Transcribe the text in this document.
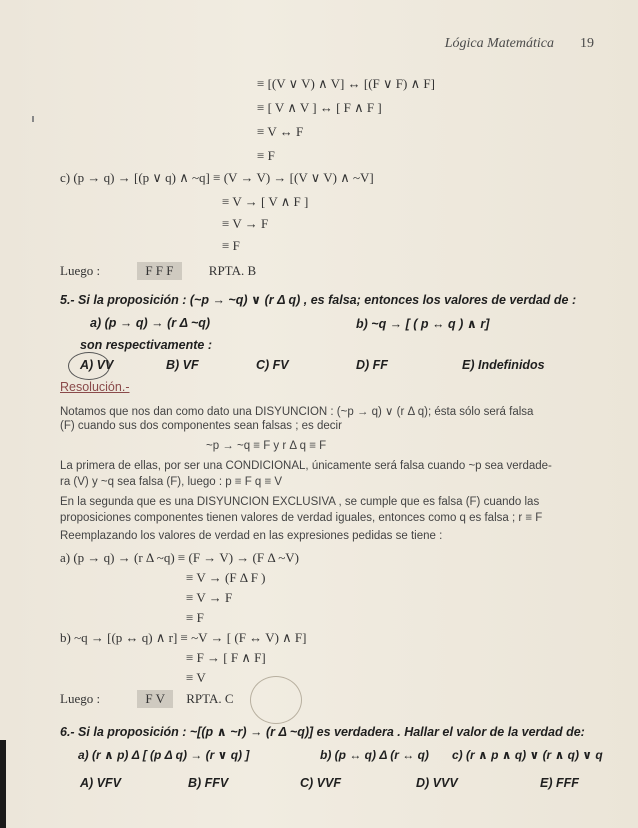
Lógica Matemática 19
≡ [(V ∨ V) ∧ V] ↔ [(F ∨ F) ∧ F]
≡ [ V ∧ V ] ↔ [ F ∧ F ]
≡ V ↔ F
≡ F
c) (p → q) → [(p ∨ q) ∧ ~q] ≡ (V → V) → [(V ∨ V) ∧ ~V]
≡ V → [ V ∧ F ]
≡ V → F
≡ F
Luego :	F F F	RPTA. B
5.- Si la proposición : (~p → ~q) ∨ (r Δ q) , es falsa; entonces los valores de verdad de :
a) (p → q) → (r Δ ~q)	b) ~q → [ ( p ↔ q ) ∧ r]
son respectivamente :
A) VV	B) VF	C) FV	D) FF	E) Indefinidos
Resolución.-
Notamos que nos dan como dato una DISYUNCION : (~p → q) ∨ (r Δ q); ésta sólo será falsa
(F) cuando sus dos componentes sean falsas ; es decir
~p → ~q ≡ F y r Δ q ≡ F
La primera de ellas, por ser una CONDICIONAL, únicamente será falsa cuando ~p sea verdade-
ra (V) y ~q sea falsa (F), luego : p ≡ F q ≡ V
En la segunda que es una DISYUNCION EXCLUSIVA , se cumple que es falsa (F) cuando las
proposiciones componentes tienen valores de verdad iguales, entonces como q es falsa ; r ≡ F
Reemplazando los valores de verdad en las expresiones pedidas se tiene :
a) (p → q) → (r Δ ~q) ≡ (F → V) → (F Δ ~V)
≡ V → (F Δ F )
≡ V → F
≡ F
b) ~q → [(p ↔ q) ∧ r] ≡ ~V → [ (F ↔ V) ∧ F]
≡ F → [ F ∧ F]
≡ V
Luego :	F V RPTA. C
6.- Si la proposición : ~[(p ∧ ~r) → (r Δ ~q)] es verdadera . Hallar el valor de la verdad de:
a) (r ∧ p) Δ [ (p Δ q) → (r ∨ q) ]	b) (p ↔ q) Δ (r ↔ q) c) (r ∧ p ∧ q) ∨ (r ∧ q) ∨ q
A) VFV	B) FFV	C) VVF	D) VVV	E) FFF
